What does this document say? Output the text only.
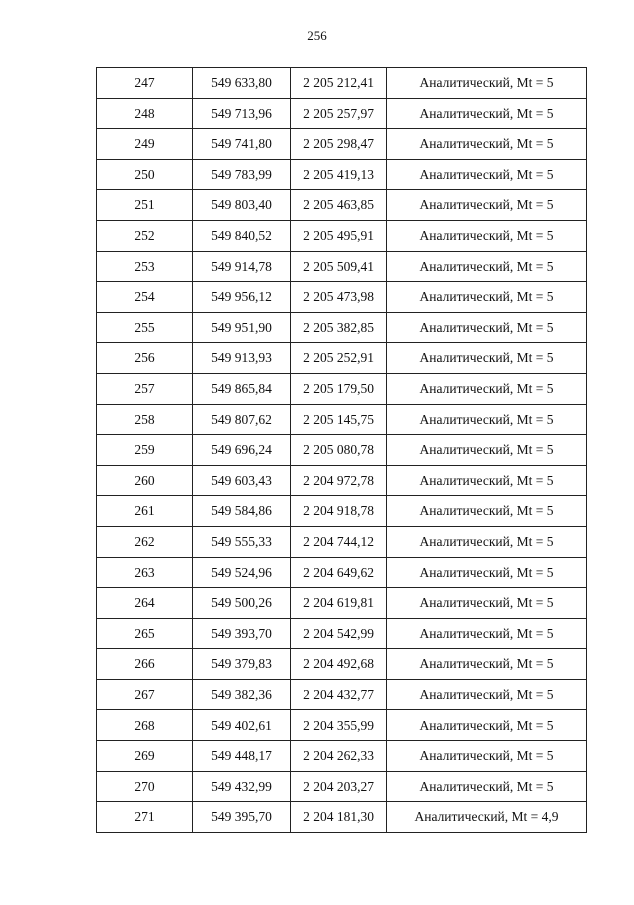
256
247	549 633,80	2 205 212,41	Аналитический, Mt = 5
248	549 713,96	2 205 257,97	Аналитический, Mt = 5
249	549 741,80	2 205 298,47	Аналитический, Mt = 5
250	549 783,99	2 205 419,13	Аналитический, Mt = 5
251	549 803,40	2 205 463,85	Аналитический, Mt = 5
252	549 840,52	2 205 495,91	Аналитический, Mt = 5
253	549 914,78	2 205 509,41	Аналитический, Mt = 5
254	549 956,12	2 205 473,98	Аналитический, Mt = 5
255	549 951,90	2 205 382,85	Аналитический, Mt = 5
256	549 913,93	2 205 252,91	Аналитический, Mt = 5
257	549 865,84	2 205 179,50	Аналитический, Mt = 5
258	549 807,62	2 205 145,75	Аналитический, Mt = 5
259	549 696,24	2 205 080,78	Аналитический, Mt = 5
260	549 603,43	2 204 972,78	Аналитический, Mt = 5
261	549 584,86	2 204 918,78	Аналитический, Mt = 5
262	549 555,33	2 204 744,12	Аналитический, Mt = 5
263	549 524,96	2 204 649,62	Аналитический, Mt = 5
264	549 500,26	2 204 619,81	Аналитический, Mt = 5
265	549 393,70	2 204 542,99	Аналитический, Mt = 5
266	549 379,83	2 204 492,68	Аналитический, Mt = 5
267	549 382,36	2 204 432,77	Аналитический, Mt = 5
268	549 402,61	2 204 355,99	Аналитический, Mt = 5
269	549 448,17	2 204 262,33	Аналитический, Mt = 5
270	549 432,99	2 204 203,27	Аналитический, Mt = 5
271	549 395,70	2 204 181,30	Аналитический, Mt = 4,9
